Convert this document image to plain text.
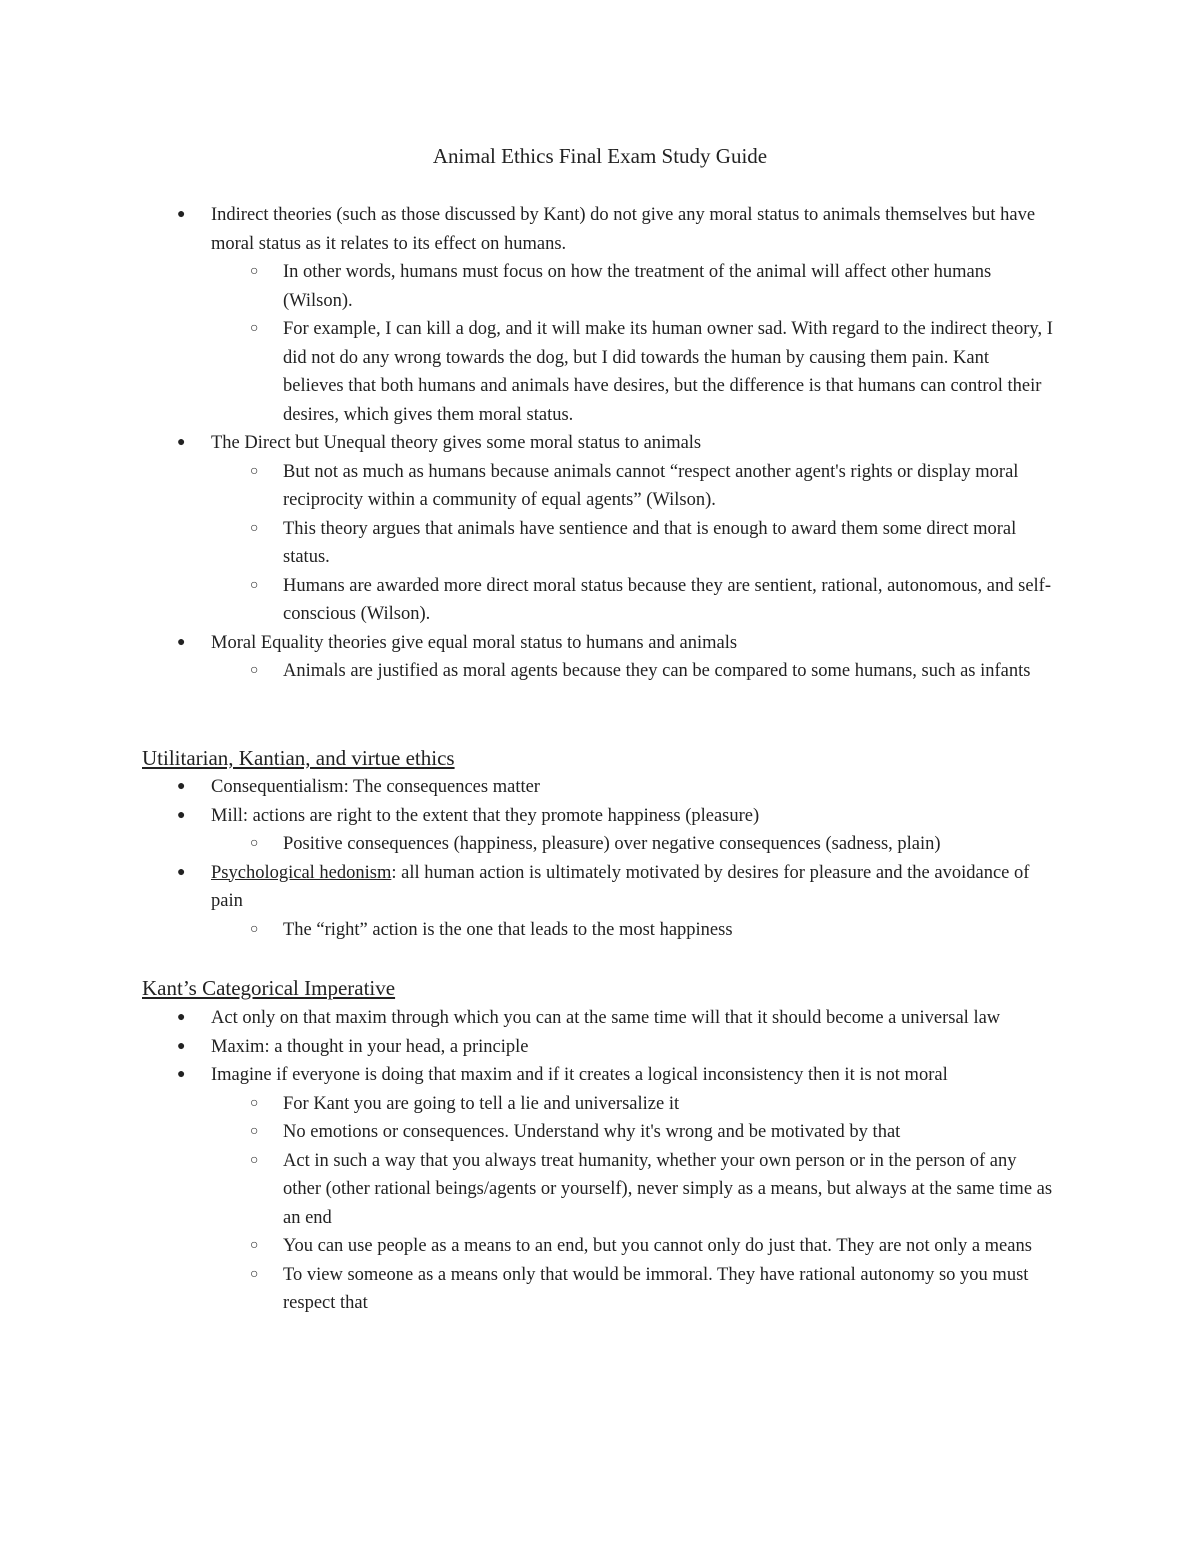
Animal Ethics Final Exam Study Guide
● Indirect theories (such as those discussed by Kant) do not give any moral status to animals themselves but have moral status as it relates to its effect on humans.
○ In other words, humans must focus on how the treatment of the animal will affect other humans (Wilson).
○ For example, I can kill a dog, and it will make its human owner sad. With regard to the indirect theory, I did not do any wrong towards the dog, but I did towards the human by causing them pain. Kant believes that both humans and animals have desires, but the difference is that humans can control their desires, which gives them moral status.
● The Direct but Unequal theory gives some moral status to animals
○ But not as much as humans because animals cannot “respect another agent's rights or display moral reciprocity within a community of equal agents” (Wilson).
○ This theory argues that animals have sentience and that is enough to award them some direct moral status.
○ Humans are awarded more direct moral status because they are sentient, rational, autonomous, and self-conscious (Wilson).
● Moral Equality theories give equal moral status to humans and animals
○ Animals are justified as moral agents because they can be compared to some humans, such as infants
Utilitarian, Kantian, and virtue ethics
● Consequentialism: The consequences matter
● Mill: actions are right to the extent that they promote happiness (pleasure)
○ Positive consequences (happiness, pleasure) over negative consequences (sadness, plain)
● Psychological hedonism: all human action is ultimately motivated by desires for pleasure and the avoidance of pain
○ The “right” action is the one that leads to the most happiness
Kant’s Categorical Imperative
● Act only on that maxim through which you can at the same time will that it should become a universal law
● Maxim: a thought in your head, a principle
● Imagine if everyone is doing that maxim and if it creates a logical inconsistency then it is not moral
○ For Kant you are going to tell a lie and universalize it
○ No emotions or consequences. Understand why it's wrong and be motivated by that
○ Act in such a way that you always treat humanity, whether your own person or in the person of any other (other rational beings/agents or yourself), never simply as a means, but always at the same time as an end
○ You can use people as a means to an end, but you cannot only do just that. They are not only a means
○ To view someone as a means only that would be immoral. They have rational autonomy so you must respect that
